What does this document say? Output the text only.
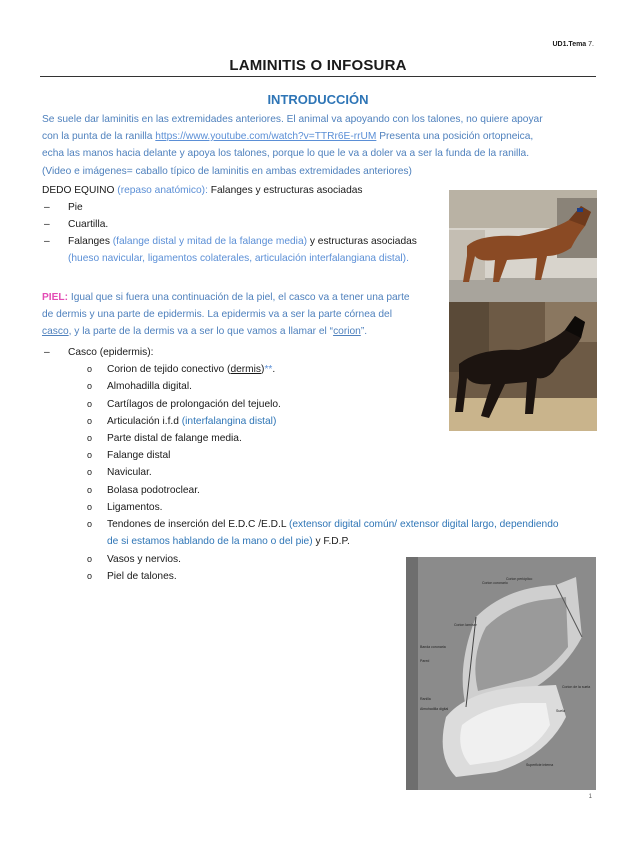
UD1.Tema 7.
LAMINITIS O INFOSURA
INTRODUCCIÓN
Se suele dar laminitis en las extremidades anteriores. El animal va apoyando con los talones, no quiere apoyar
con la punta de la ranilla https://www.youtube.com/watch?v=TTRr6E-rrUM Presenta una posición ortopneica,
echa las manos hacia delante y apoya los talones, porque lo que le va a doler va a ser la funda de la ranilla.
(Video e imágenes= caballo típico de laminitis en ambas extremidades anteriores)
DEDO EQUINO (repaso anatómico): Falanges y estructuras asociadas
– Pie
– Cuartilla.
– Falanges (falange distal y mitad de la falange media) y estructuras asociadas
(hueso navicular, ligamentos colaterales, articulación interfalangiana distal).
PIEL: Igual que si fuera una continuación de la piel, el casco va a tener una parte
de dermis y una parte de epidermis. La epidermis va a ser la parte córnea del
casco, y la parte de la dermis va a ser lo que vamos a llamar el “corion”.
– Casco (epidermis):
o Corion de tejido conectivo (dermis)**.
o Almohadilla digital.
o Cartílagos de prolongación del tejuelo.
o Articulación i.f.d (interfalangina distal)
o Parte distal de falange media.
o Falange distal
o Navicular.
o Bolasa podotroclear.
o Ligamentos.
o Tendones de inserción del E.D.C /E.D.L (extensor digital común/ extensor digital largo, dependiendo
de si estamos hablando de la mano o del pie) y F.D.P.
o Vasos y nervios.
o Piel de talones.
Corion coronario
Corion perióplico
Corion laminar
Banda coronaria
Pared
Corion de la suela
Suela
Ranilla
Almohadilla digital
Superficie interna
1
